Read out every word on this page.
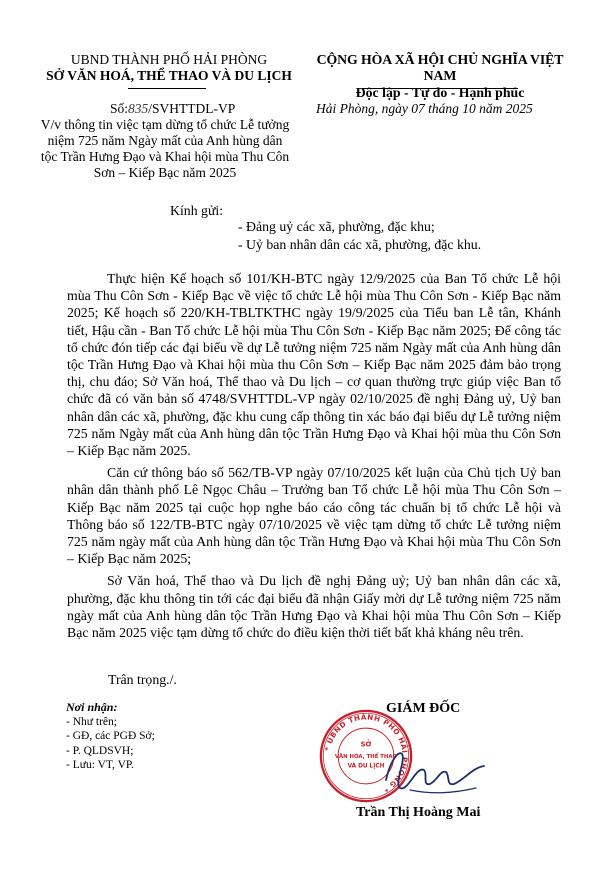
UBND THÀNH PHỐ HẢI PHÒNG
SỞ VĂN HOÁ, THỂ THAO VÀ DU LỊCH
CỘNG HÒA XÃ HỘI CHỦ NGHĨA VIỆT NAM
Độc lập - Tự do - Hạnh phúc
Số:835/SVHTTDL-VP	Hải Phòng, ngày 07 tháng 10 năm 2025
V/v thông tin việc tạm dừng tổ chức Lễ tưởng niệm 725 năm Ngày mất của Anh hùng dân tộc Trần Hưng Đạo và Khai hội mùa Thu Côn Sơn – Kiếp Bạc năm 2025
Kính gửi:
- Đảng uỷ các xã, phường, đặc khu;
- Uỷ ban nhân dân các xã, phường, đặc khu.

Thực hiện Kế hoạch số 101/KH-BTC ngày 12/9/2025 của Ban Tổ chức Lễ hội mùa Thu Côn Sơn - Kiếp Bạc về việc tổ chức Lễ hội mùa Thu Côn Sơn - Kiếp Bạc năm 2025; Kế hoạch số 220/KH-TBLTKTHC ngày 19/9/2025 của Tiểu ban Lễ tân, Khánh tiết, Hậu cần - Ban Tổ chức Lễ hội mùa Thu Côn Sơn - Kiếp Bạc năm 2025; Để công tác tổ chức đón tiếp các đại biểu về dự Lễ tưởng niệm 725 năm Ngày mất của Anh hùng dân tộc Trần Hưng Đạo và Khai hội mùa thu Côn Sơn – Kiếp Bạc năm 2025 đảm bảo trọng thị, chu đáo; Sở Văn hoá, Thể thao và Du lịch – cơ quan thường trực giúp việc Ban tổ chức đã có văn bản số 4748/SVHTTDL-VP ngày 02/10/2025 đề nghị Đảng uỷ, Uỷ ban nhân dân các xã, phường, đặc khu cung cấp thông tin xác báo đại biểu dự Lễ tưởng niệm 725 năm Ngày mất của Anh hùng dân tộc Trần Hưng Đạo và Khai hội mùa thu Côn Sơn – Kiếp Bạc năm 2025.

Căn cứ thông báo số 562/TB-VP ngày 07/10/2025 kết luận của Chủ tịch Uỷ ban nhân dân thành phố Lê Ngọc Châu – Trưởng ban Tổ chức Lễ hội mùa Thu Côn Sơn – Kiếp Bạc năm 2025 tại cuộc họp nghe báo cáo công tác chuẩn bị tổ chức Lễ hội và Thông báo số 122/TB-BTC ngày 07/10/2025 về việc tạm dừng tổ chức Lễ tưởng niệm 725 năm ngày mất của Anh hùng dân tộc Trần Hưng Đạo và Khai hội mùa Thu Côn Sơn – Kiếp Bạc năm 2025;

Sở Văn hoá, Thể thao và Du lịch đề nghị Đảng uỷ; Uỷ ban nhân dân các xã, phường, đặc khu thông tin tới các đại biểu đã nhận Giấy mời dự Lễ tưởng niệm 725 năm ngày mất của Anh hùng dân tộc Trần Hưng Đạo và Khai hội mùa Thu Côn Sơn – Kiếp Bạc năm 2025 việc tạm dừng tổ chức do điều kiện thời tiết bất khả kháng nêu trên.

Trân trọng./.
Nơi nhận:
- Như trên;
- GĐ, các PGĐ Sở;
- P. QLDSVH;
- Lưu: VT, VP.
GIÁM ĐỐC
* UBND THÀNH PHỐ HẢI PHÒNG *
SỞ
VĂN HÓA, THỂ THAO
VÀ DU LỊCH
Trần Thị Hoàng Mai
